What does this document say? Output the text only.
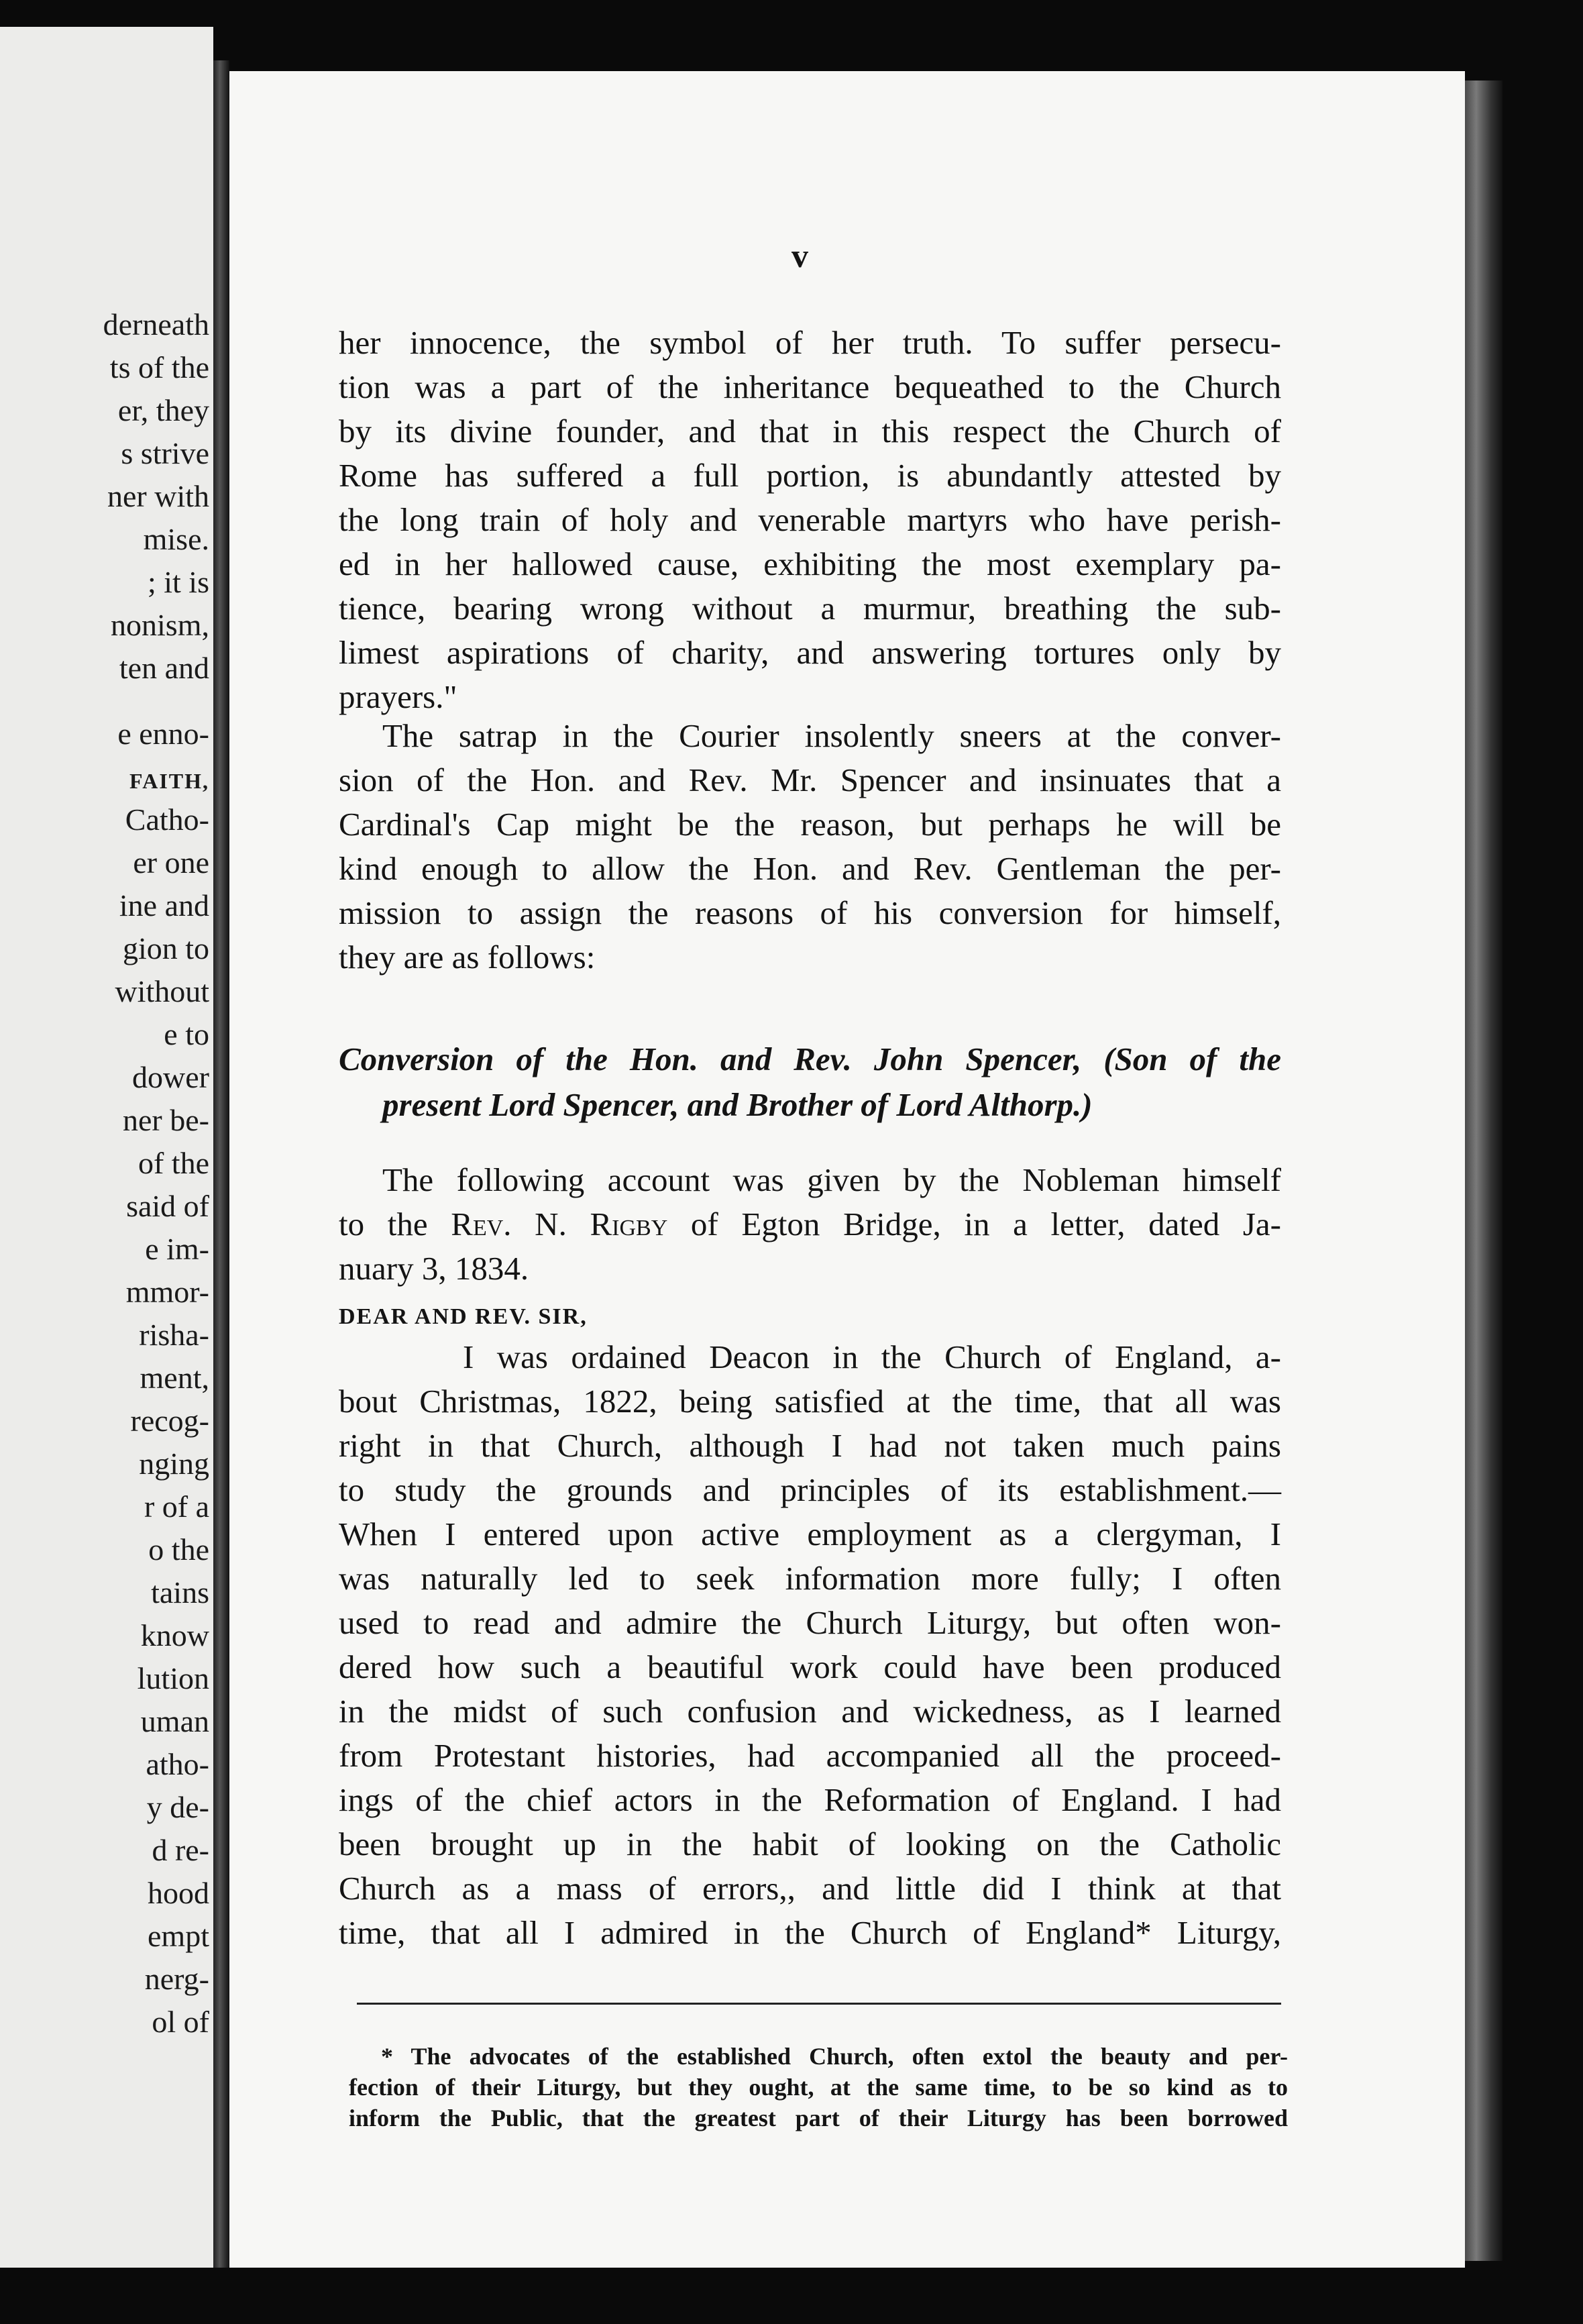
derneath
ts of the
er, they
s strive
ner with
mise.
; it is
nonism,
ten and
e enno-
FAITH,
Catho-
er one
ine and
gion to
without
e to
dower
ner be-
of the
said of
e im-
mmor-
risha-
ment,
recog-
nging
r of a
o the
tains
know
lution
uman
atho-
y de-
d re-
hood
empt
nerg-
ol of
v
her innocence, the symbol of her truth. To suffer persecu-
tion was a part of the inheritance bequeathed to the Church
by its divine founder, and that in this respect the Church of
Rome has suffered a full portion, is abundantly attested by
the long train of holy and venerable martyrs who have perish-
ed in her hallowed cause, exhibiting the most exemplary pa-
tience, bearing wrong without a murmur, breathing the sub-
limest aspirations of charity, and answering tortures only by
prayers."
The satrap in the Courier insolently sneers at the conver-
sion of the Hon. and Rev. Mr. Spencer and insinuates that a
Cardinal's Cap might be the reason, but perhaps he will be
kind enough to allow the Hon. and Rev. Gentleman the per-
mission to assign the reasons of his conversion for himself,
they are as follows:
Conversion of the Hon. and Rev. John Spencer, (Son of the
present Lord Spencer, and Brother of Lord Althorp.)
The following account was given by the Nobleman himself
to the Rev. N. Rigby of Egton Bridge, in a letter, dated Ja-
nuary 3, 1834.
DEAR AND REV. SIR,
I was ordained Deacon in the Church of England, a-
bout Christmas, 1822, being satisfied at the time, that all was
right in that Church, although I had not taken much pains
to study the grounds and principles of its establishment.—
When I entered upon active employment as a clergyman, I
was naturally led to seek information more fully; I often
used to read and admire the Church Liturgy, but often won-
dered how such a beautiful work could have been produced
in the midst of such confusion and wickedness, as I learned
from Protestant histories, had accompanied all the proceed-
ings of the chief actors in the Reformation of England. I had
been brought up in the habit of looking on the Catholic
Church as a mass of errors,, and little did I think at that
time, that all I admired in the Church of England* Liturgy,
* The advocates of the established Church, often extol the beauty and per-
fection of their Liturgy, but they ought, at the same time, to be so kind as to
inform the Public, that the greatest part of their Liturgy has been borrowed
